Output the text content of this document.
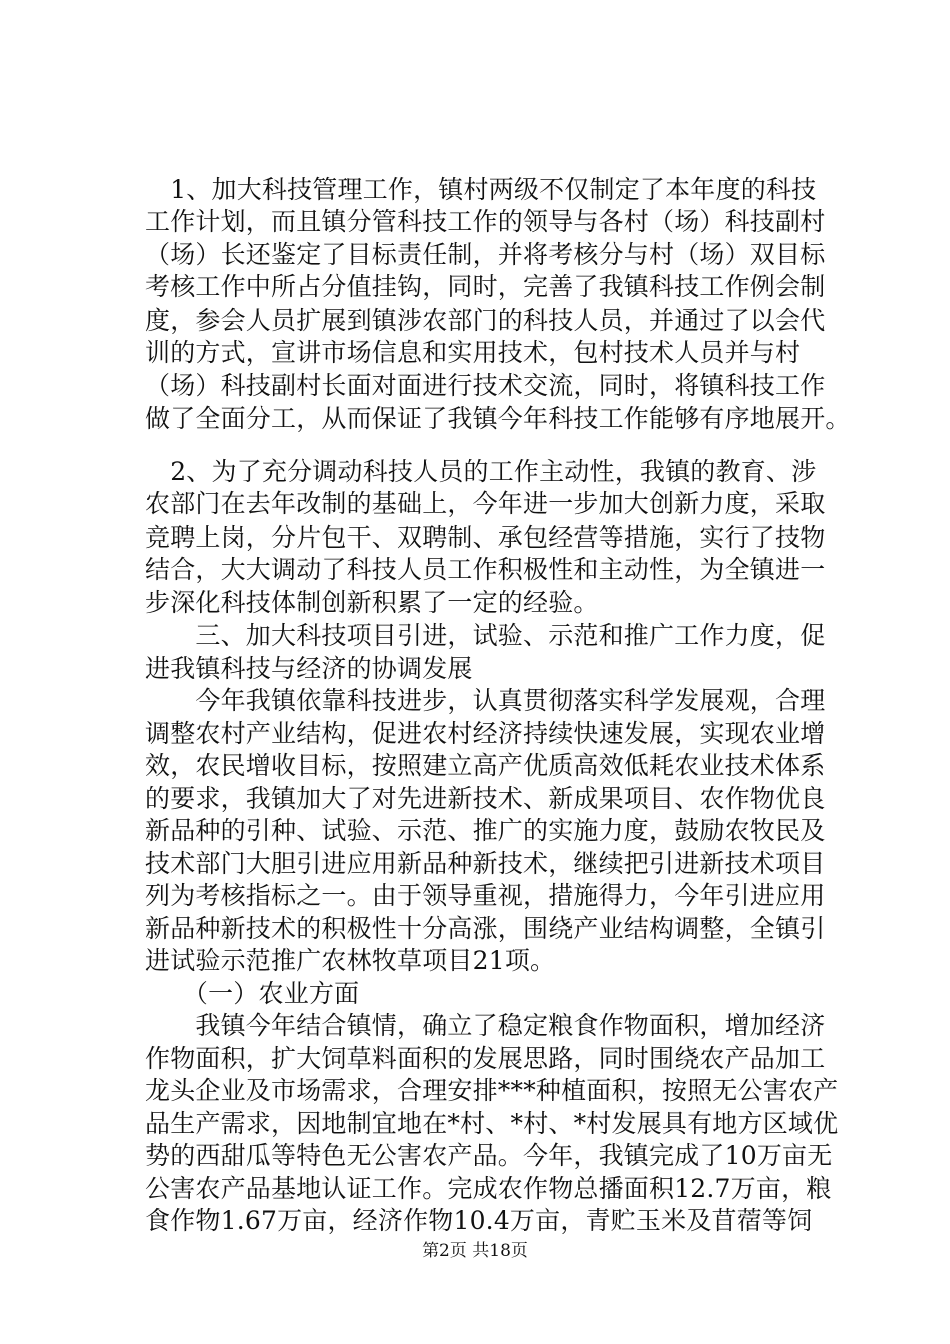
　1、加大科技管理工作，镇村两级不仅制定了本年度的科技
工作计划，而且镇分管科技工作的领导与各村（场）科技副村
（场）长还鉴定了目标责任制，并将考核分与村（场）双目标
考核工作中所占分值挂钩，同时，完善了我镇科技工作例会制
度，参会人员扩展到镇涉农部门的科技人员，并通过了以会代
训的方式，宣讲市场信息和实用技术，包村技术人员并与村
（场）科技副村长面对面进行技术交流，同时，将镇科技工作
做了全面分工，从而保证了我镇今年科技工作能够有序地展开。
　2、为了充分调动科技人员的工作主动性，我镇的教育、涉
农部门在去年改制的基础上，今年进一步加大创新力度，采取
竞聘上岗，分片包干、双聘制、承包经营等措施，实行了技物
结合，大大调动了科技人员工作积极性和主动性，为全镇进一
步深化科技体制创新积累了一定的经验。
　　三、加大科技项目引进，试验、示范和推广工作力度，促
进我镇科技与经济的协调发展
　　今年我镇依靠科技进步，认真贯彻落实科学发展观，合理
调整农村产业结构，促进农村经济持续快速发展，实现农业增
效，农民增收目标，按照建立高产优质高效低耗农业技术体系
的要求，我镇加大了对先进新技术、新成果项目、农作物优良
新品种的引种、试验、示范、推广的实施力度，鼓励农牧民及
技术部门大胆引进应用新品种新技术，继续把引进新技术项目
列为考核指标之一。由于领导重视，措施得力，今年引进应用
新品种新技术的积极性十分高涨，围绕产业结构调整，全镇引
进试验示范推广农林牧草项目21项。
　　（一）农业方面
　　我镇今年结合镇情，确立了稳定粮食作物面积，增加经济
作物面积，扩大饲草料面积的发展思路，同时围绕农产品加工
龙头企业及市场需求，合理安排***种植面积，按照无公害农产
品生产需求，因地制宜地在*村、*村、*村发展具有地方区域优
势的西甜瓜等特色无公害农产品。今年，我镇完成了10万亩无
公害农产品基地认证工作。完成农作物总播面积12.7万亩，粮
食作物1.67万亩，经济作物10.4万亩，青贮玉米及苜蓿等饲
第2页 共18页
